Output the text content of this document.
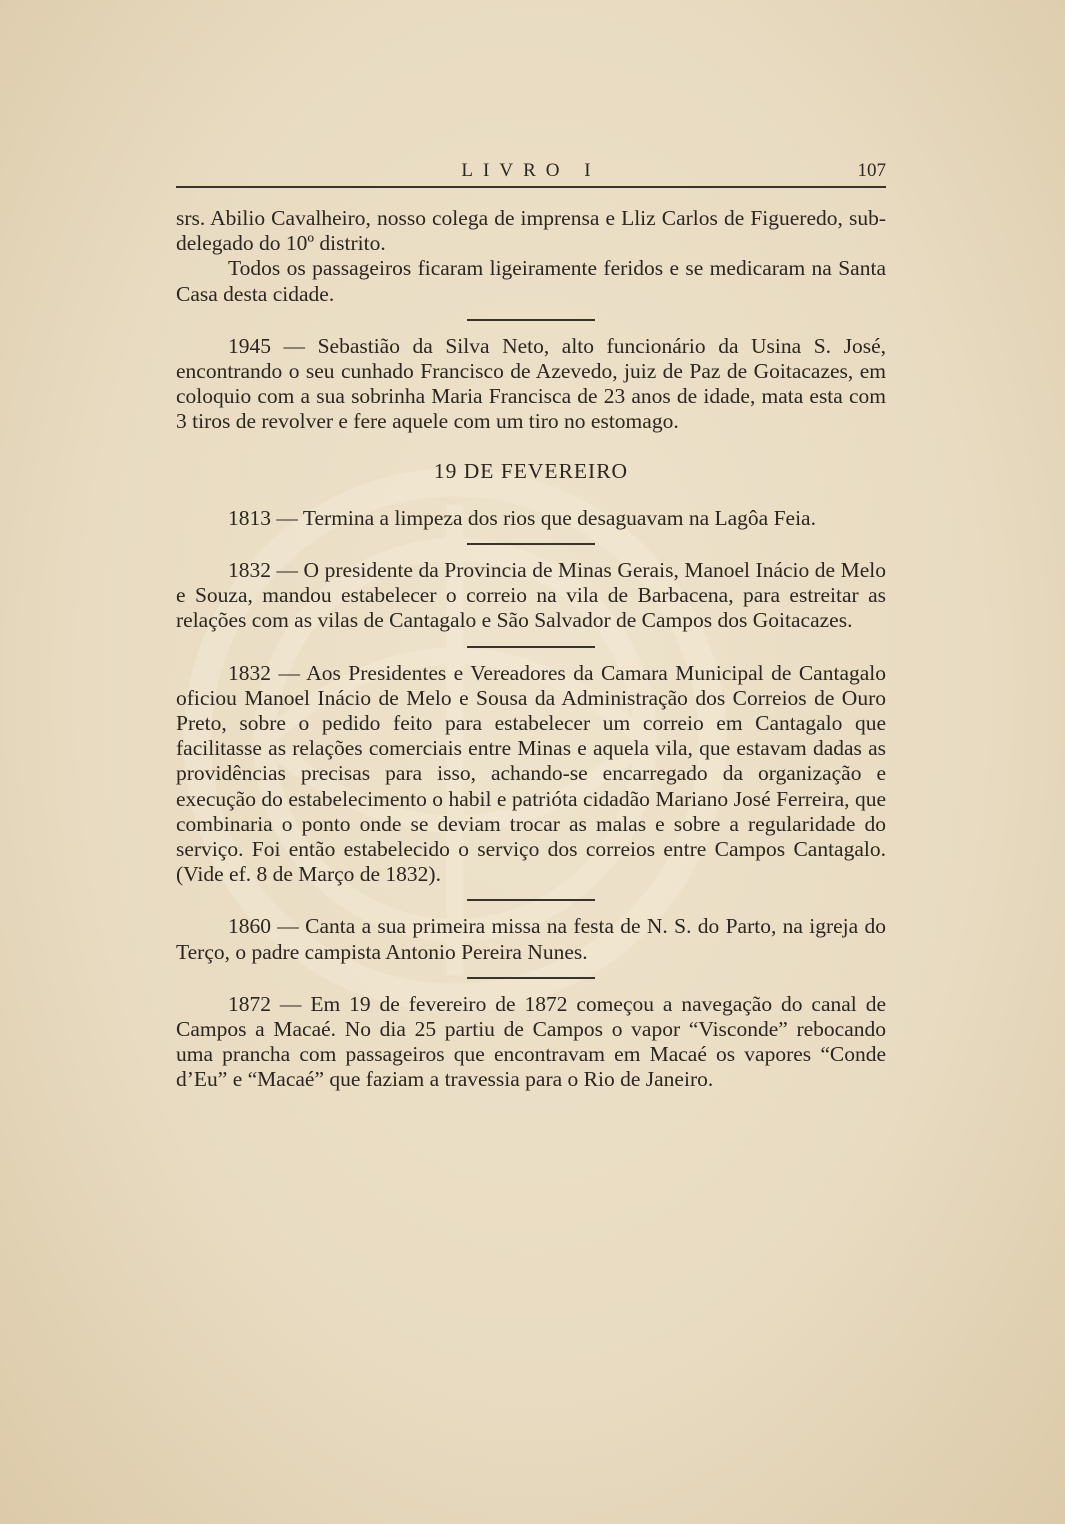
LIVRO I	107

srs. Abilio Cavalheiro, nosso colega de imprensa e Lliz Carlos de Figueredo, sub-delegado do 10º distrito.

Todos os passageiros ficaram ligeiramente feridos e se medicaram na Santa Casa desta cidade.

1945 — Sebastião da Silva Neto, alto funcionário da Usina S. José, encontrando o seu cunhado Francisco de Azevedo, juiz de Paz de Goitacazes, em coloquio com a sua sobrinha Maria Francisca de 23 anos de idade, mata esta com 3 tiros de revolver e fere aquele com um tiro no estomago.

19 DE FEVEREIRO

1813 — Termina a limpeza dos rios que desaguavam na Lagôa Feia.

1832 — O presidente da Provincia de Minas Gerais, Manoel Inácio de Melo e Souza, mandou estabelecer o correio na vila de Barbacena, para estreitar as relações com as vilas de Cantagalo e São Salvador de Campos dos Goitacazes.

1832 — Aos Presidentes e Vereadores da Camara Municipal de Cantagalo oficiou Manoel Inácio de Melo e Sousa da Administração dos Correios de Ouro Preto, sobre o pedido feito para estabelecer um correio em Cantagalo que facilitasse as relações comerciais entre Minas e aquela vila, que estavam dadas as providências precisas para isso, achando-se encarregado da organização e execução do estabelecimento o habil e patrióta cidadão Mariano José Ferreira, que combinaria o ponto onde se deviam trocar as malas e sobre a regularidade do serviço. Foi então estabelecido o serviço dos correios entre Campos Cantagalo. (Vide ef. 8 de Março de 1832).

1860 — Canta a sua primeira missa na festa de N. S. do Parto, na igreja do Terço, o padre campista Antonio Pereira Nunes.

1872 — Em 19 de fevereiro de 1872 começou a navegação do canal de Campos a Macaé. No dia 25 partiu de Campos o vapor “Visconde” rebocando uma prancha com passageiros que encontravam em Macaé os vapores “Conde d’Eu” e “Macaé” que faziam a travessia para o Rio de Janeiro.
